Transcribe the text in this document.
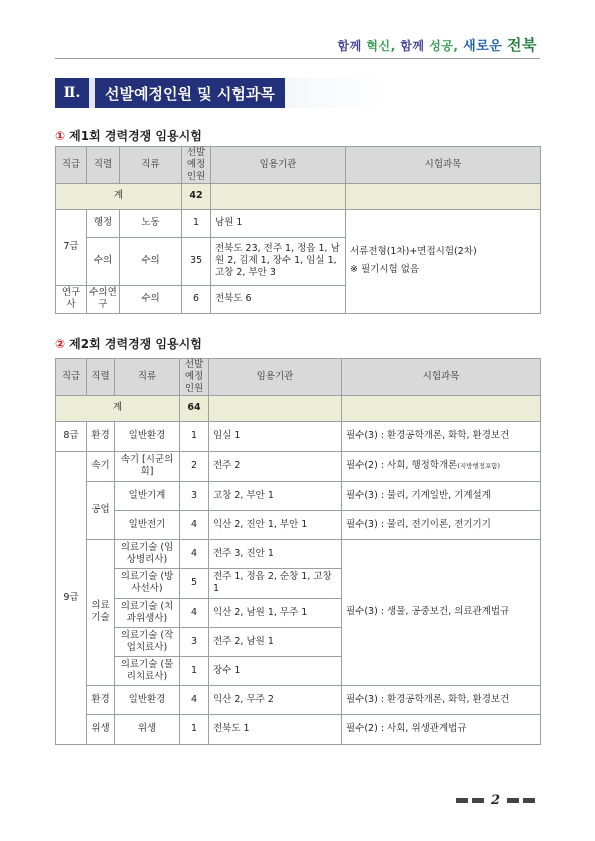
함께 혁신, 함께 성공, 새로운 전북
Ⅱ.	선발예정인원 및 시험과목
① 제1회 경력경쟁 임용시험
직급	직렬	직류	선발예정인원	임용기관	시험과목
계			42		
7급	행정	노동	1	남원 1	서류전형(1차)+면접시험(2차)
※ 필기시험 없음

	수의	수의	35	전북도 23, 전주 1, 정읍 1, 남원 2, 김제 1, 장수 1, 임실 1, 고창 2, 부안 3	
연구사	수의연구	수의	6	전북도 6	
② 제2회 경력경쟁 임용시험
직급	직렬	직류	선발예정인원	임용기관	시험과목
계			64		
8급	환경	일반환경	1	임실 1	필수(3) : 환경공학개론, 화학, 환경보건
9급	속기	속기 [시군의회]	2	전주 2	필수(2) : 사회, 행정학개론(지방행정포함)
	공업	일반기계	3	고창 2, 부안 1	필수(3) : 물리, 기계일반, 기계설계
		일반전기	4	익산 2, 진안 1, 부안 1	필수(3) : 물리, 전기이론, 전기기기
	의료기술	의료기술 (임상병리사)	4	전주 3, 진안 1	필수(3) : 생물, 공중보건, 의료관계법규
		의료기술 (방사선사)	5	전주 1, 정읍 2, 순창 1, 고창 1	
		의료기술 (치과위생사)	4	익산 2, 남원 1, 무주 1	
		의료기술 (작업치료사)	3	전주 2, 남원 1	
		의료기술 (물리치료사)	1	장수 1	
	환경	일반환경	4	익산 2, 무주 2	필수(3) : 환경공학개론, 화학, 환경보건
	위생	위생	1	전북도 1	필수(2) : 사회, 위생관계법규
2
